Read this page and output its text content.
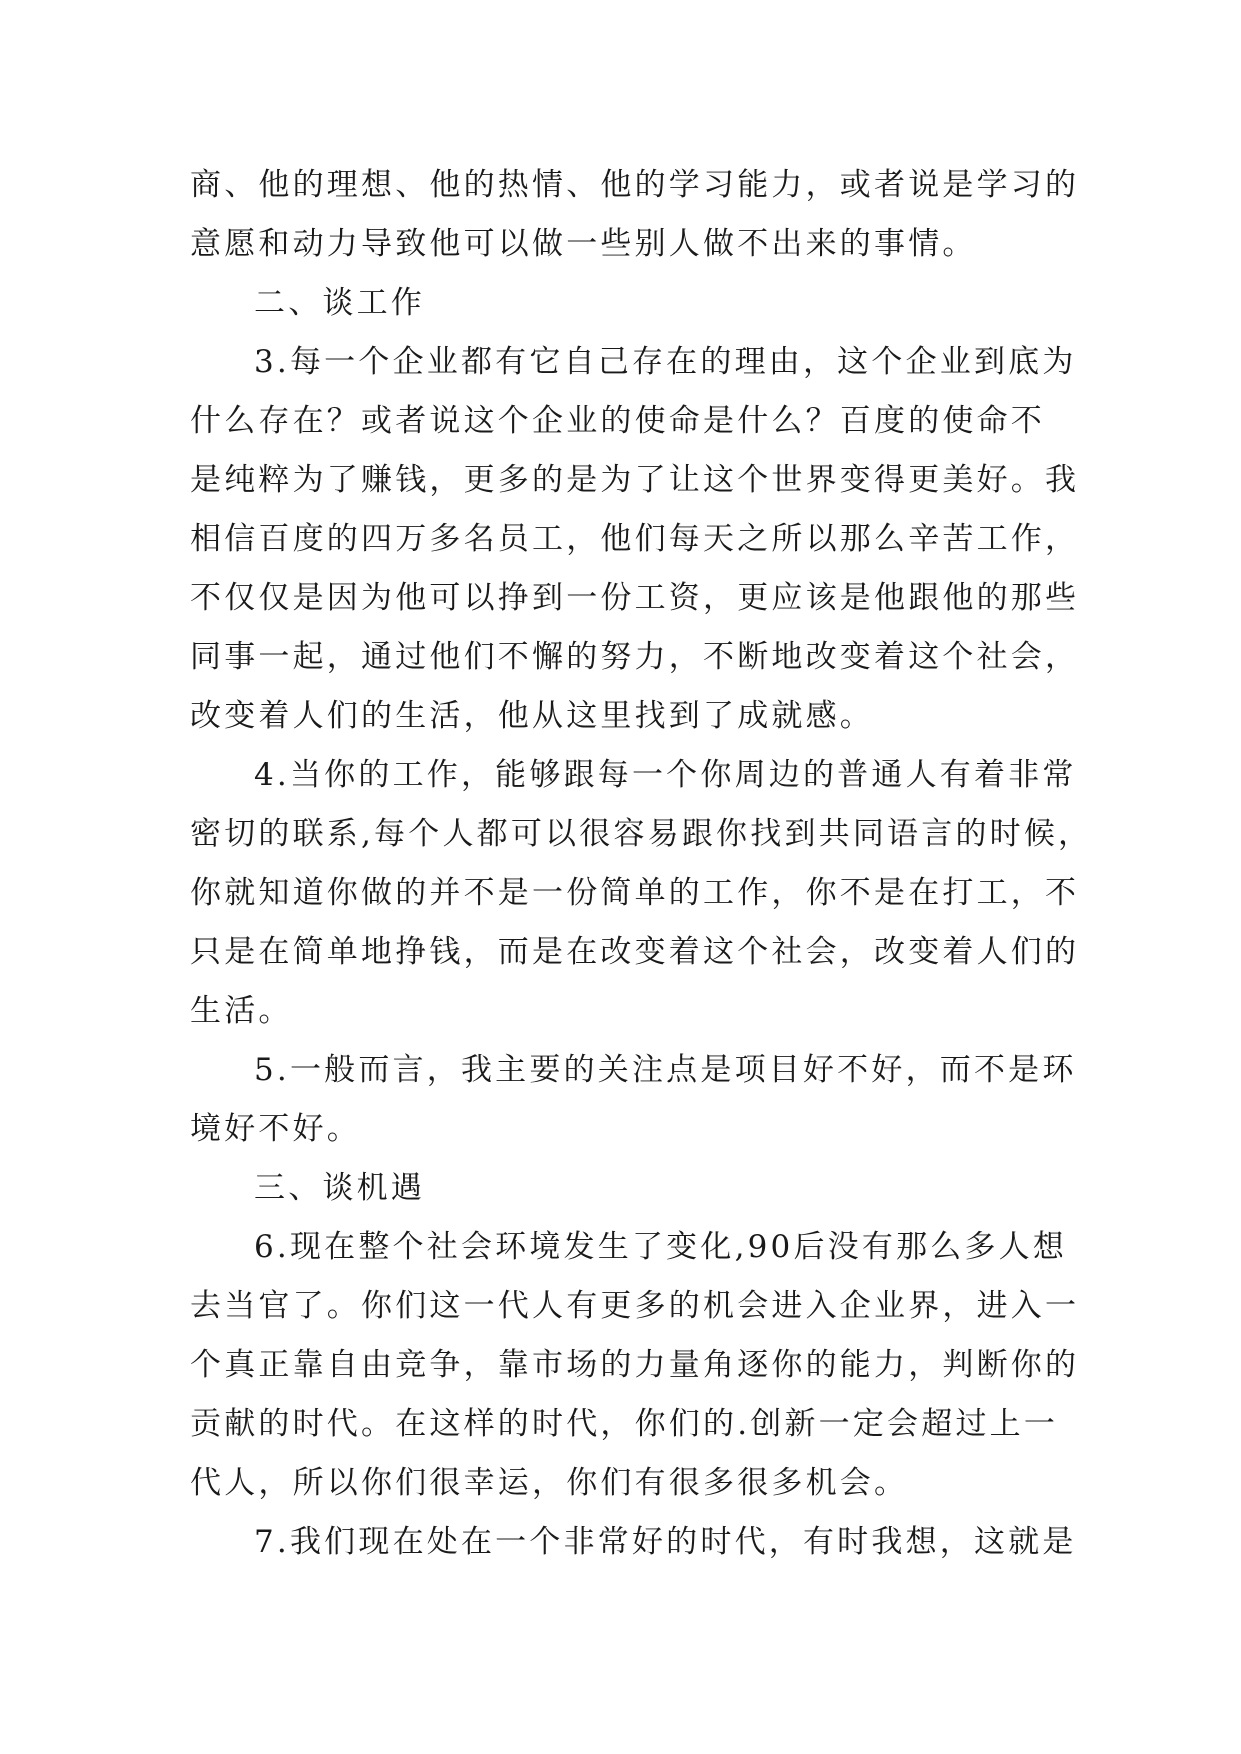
商、他的理想、他的热情、他的学习能力，或者说是学习的
意愿和动力导致他可以做一些别人做不出来的事情。
二、谈工作
3.每一个企业都有它自己存在的理由，这个企业到底为
什么存在？或者说这个企业的使命是什么？百度的使命不
是纯粹为了赚钱，更多的是为了让这个世界变得更美好。我
相信百度的四万多名员工，他们每天之所以那么辛苦工作，
不仅仅是因为他可以挣到一份工资，更应该是他跟他的那些
同事一起，通过他们不懈的努力，不断地改变着这个社会，
改变着人们的生活，他从这里找到了成就感。
4.当你的工作，能够跟每一个你周边的普通人有着非常
密切的联系,每个人都可以很容易跟你找到共同语言的时候，
你就知道你做的并不是一份简单的工作，你不是在打工，不
只是在简单地挣钱，而是在改变着这个社会，改变着人们的
生活。
5.一般而言，我主要的关注点是项目好不好，而不是环
境好不好。
三、谈机遇
6.现在整个社会环境发生了变化,90后没有那么多人想
去当官了。你们这一代人有更多的机会进入企业界，进入一
个真正靠自由竞争，靠市场的力量角逐你的能力，判断你的
贡献的时代。在这样的时代，你们的.创新一定会超过上一
代人，所以你们很幸运，你们有很多很多机会。
7.我们现在处在一个非常好的时代，有时我想，这就是
